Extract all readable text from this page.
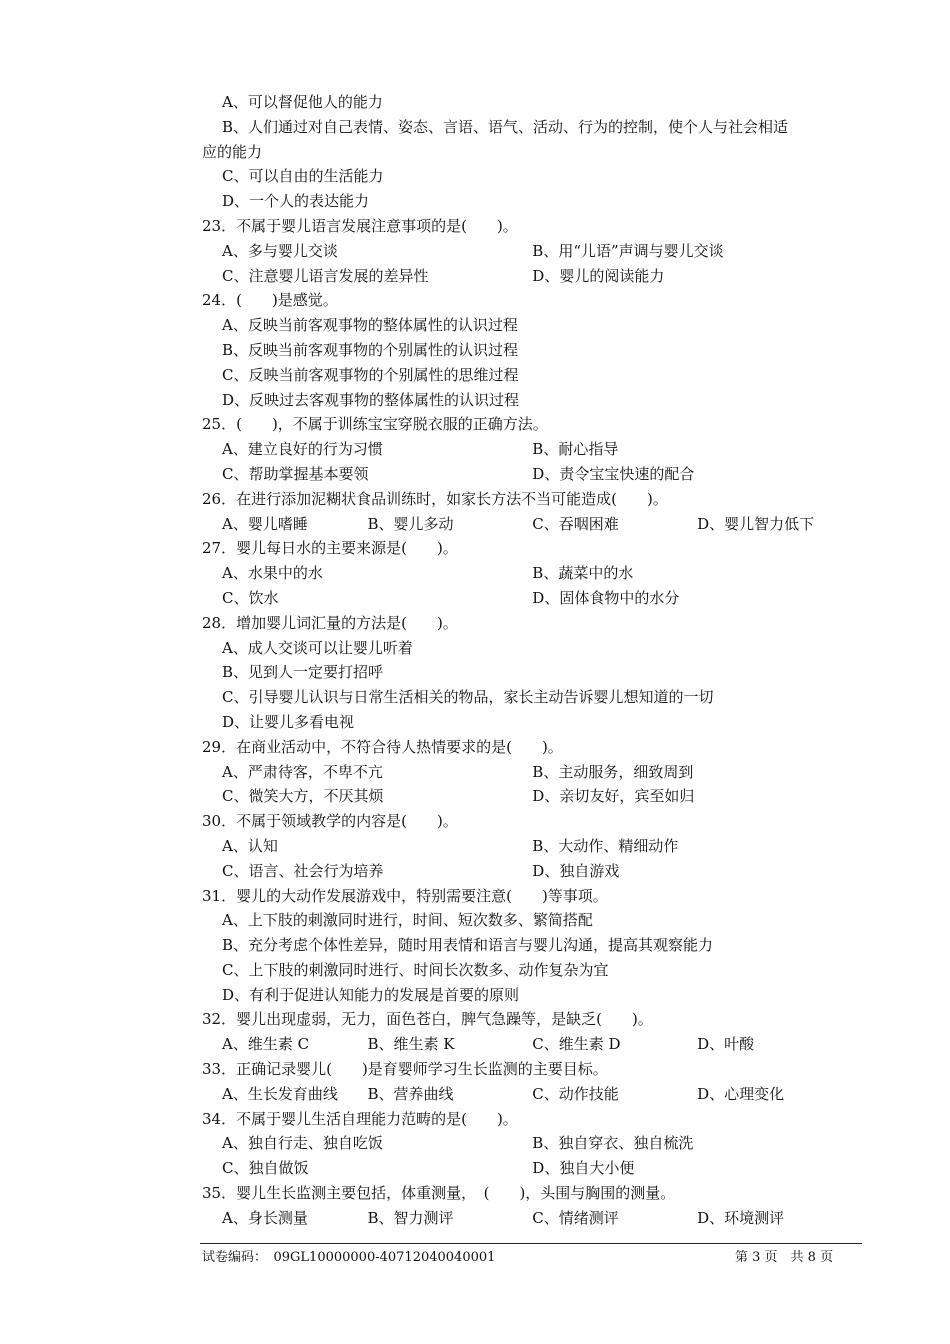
A、可以督促他人的能力
B、人们通过对自己表情、姿态、言语、语气、活动、行为的控制，使个人与社会相适
应的能力
C、可以自由的生活能力
D、一个人的表达能力
23．不属于婴儿语言发展注意事项的是(　　)。
A、多与婴儿交谈	B、用“儿语”声调与婴儿交谈
C、注意婴儿语言发展的差异性	D、婴儿的阅读能力
24．(　　)是感觉。
A、反映当前客观事物的整体属性的认识过程
B、反映当前客观事物的个别属性的认识过程
C、反映当前客观事物的个别属性的思维过程
D、反映过去客观事物的整体属性的认识过程
25．(　　)，不属于训练宝宝穿脱衣服的正确方法。
A、建立良好的行为习惯	B、耐心指导
C、帮助掌握基本要领	D、责令宝宝快速的配合
26．在进行添加泥糊状食品训练时，如家长方法不当可能造成(　　)。
A、婴儿嗜睡	B、婴儿多动	C、吞咽困难	D、婴儿智力低下
27．婴儿每日水的主要来源是(　　)。
A、水果中的水	B、蔬菜中的水
C、饮水	D、固体食物中的水分
28．增加婴儿词汇量的方法是(　　)。
A、成人交谈可以让婴儿听着
B、见到人一定要打招呼
C、引导婴儿认识与日常生活相关的物品，家长主动告诉婴儿想知道的一切
D、让婴儿多看电视
29．在商业活动中，不符合待人热情要求的是(　　)。
A、严肃待客，不卑不亢	B、主动服务，细致周到
C、微笑大方，不厌其烦	D、亲切友好，宾至如归
30．不属于领域教学的内容是(　　)。
A、认知	B、大动作、精细动作
C、语言、社会行为培养	D、独自游戏
31．婴儿的大动作发展游戏中，特别需要注意(　　)等事项。
A、上下肢的刺激同时进行，时间、短次数多、繁简搭配
B、充分考虑个体性差异，随时用表情和语言与婴儿沟通，提高其观察能力
C、上下肢的刺激同时进行、时间长次数多、动作复杂为宜
D、有利于促进认知能力的发展是首要的原则
32．婴儿出现虚弱，无力，面色苍白，脾气急躁等，是缺乏(　　)。
A、维生素 C	B、维生素 K	C、维生素 D	D、叶酸
33．正确记录婴儿(　　)是育婴师学习生长监测的主要目标。
A、生长发育曲线	B、营养曲线	C、动作技能	D、心理变化
34．不属于婴儿生活自理能力范畴的是(　　)。
A、独自行走、独自吃饭	B、独自穿衣、独自梳洗
C、独自做饭	D、独自大小便
35．婴儿生长监测主要包括，体重测量，　(　　)，头围与胸围的测量。
A、身长测量	B、智力测评	C、情绪测评	D、环境测评
试卷编码：　09GL10000000-40712040040001	第 3 页　共 8 页
